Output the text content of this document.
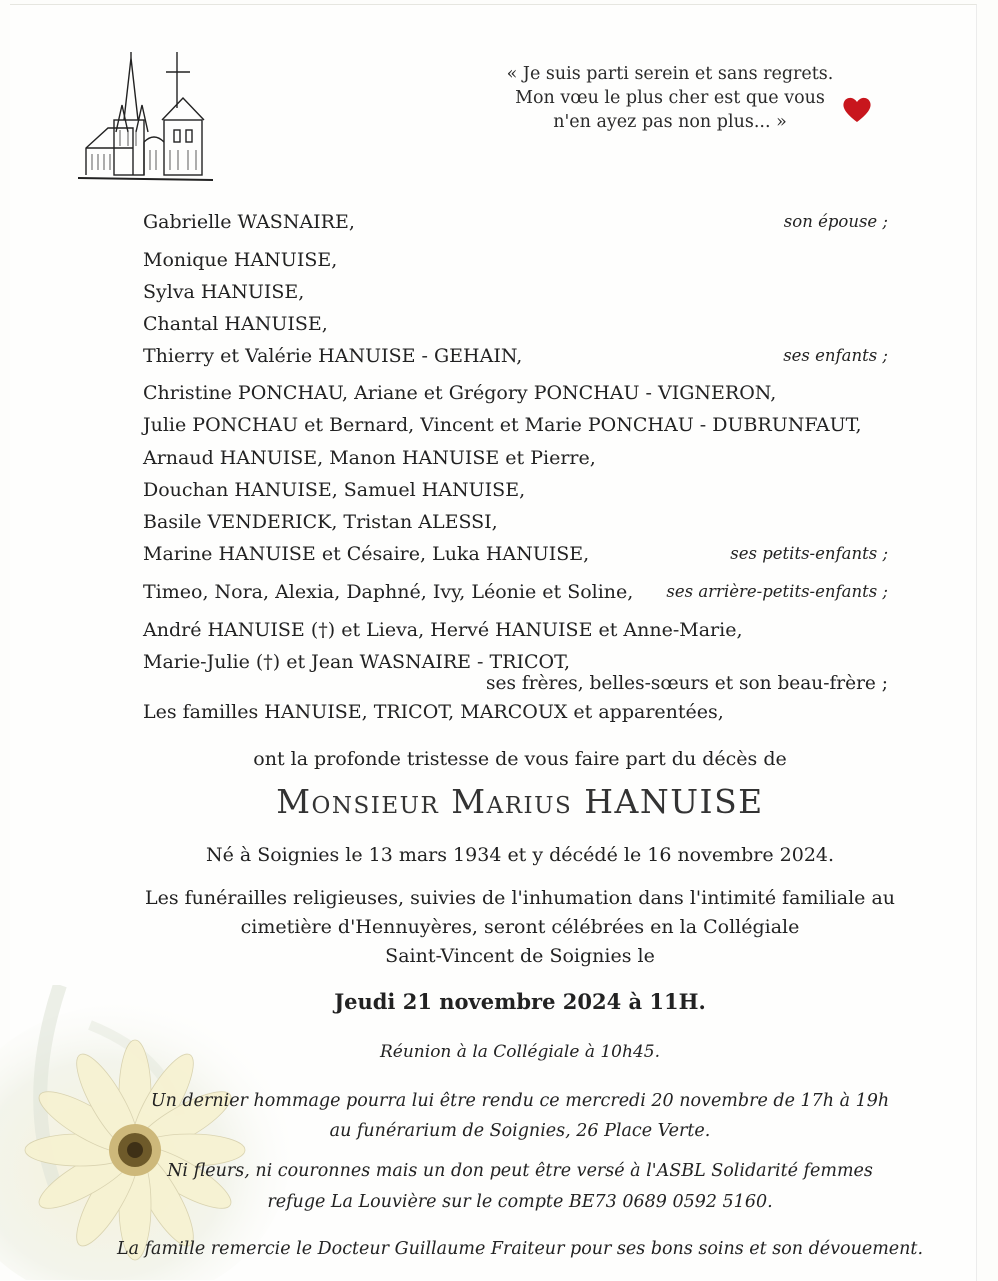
« Je suis parti serein et sans regrets.
Mon vœu le plus cher est que vous
n'en ayez pas non plus... »
Gabrielle WASNAIRE,	son épouse ;
Monique HANUISE,
Sylva HANUISE,
Chantal HANUISE,
Thierry et Valérie HANUISE - GEHAIN,	ses enfants ;
Christine PONCHAU, Ariane et Grégory PONCHAU - VIGNERON,
Julie PONCHAU et Bernard, Vincent et Marie PONCHAU - DUBRUNFAUT,
Arnaud HANUISE, Manon HANUISE et Pierre,
Douchan HANUISE, Samuel HANUISE,
Basile VENDERICK, Tristan ALESSI,
Marine HANUISE et Césaire, Luka HANUISE,	ses petits-enfants ;
Timeo, Nora, Alexia, Daphné, Ivy, Léonie et Soline, ses arrière-petits-enfants ;
André HANUISE (†) et Lieva, Hervé HANUISE et Anne-Marie,
Marie-Julie (†) et Jean WASNAIRE - TRICOT,
ses frères, belles-sœurs et son beau-frère ;
Les familles HANUISE, TRICOT, MARCOUX et apparentées,
ont la profonde tristesse de vous faire part du décès de
Monsieur Marius HANUISE
Né à Soignies le 13 mars 1934 et y décédé le 16 novembre 2024.
Les funérailles religieuses, suivies de l'inhumation dans l'intimité familiale au
cimetière d'Hennuyères, seront célébrées en la Collégiale
Saint-Vincent de Soignies le
Jeudi 21 novembre 2024 à 11H.
Réunion à la Collégiale à 10h45.
Un dernier hommage pourra lui être rendu ce mercredi 20 novembre de 17h à 19h
au funérarium de Soignies, 26 Place Verte.
Ni fleurs, ni couronnes mais un don peut être versé à l'ASBL Solidarité femmes
refuge La Louvière sur le compte BE73 0689 0592 5160.
La famille remercie le Docteur Guillaume Fraiteur pour ses bons soins et son dévouement.
